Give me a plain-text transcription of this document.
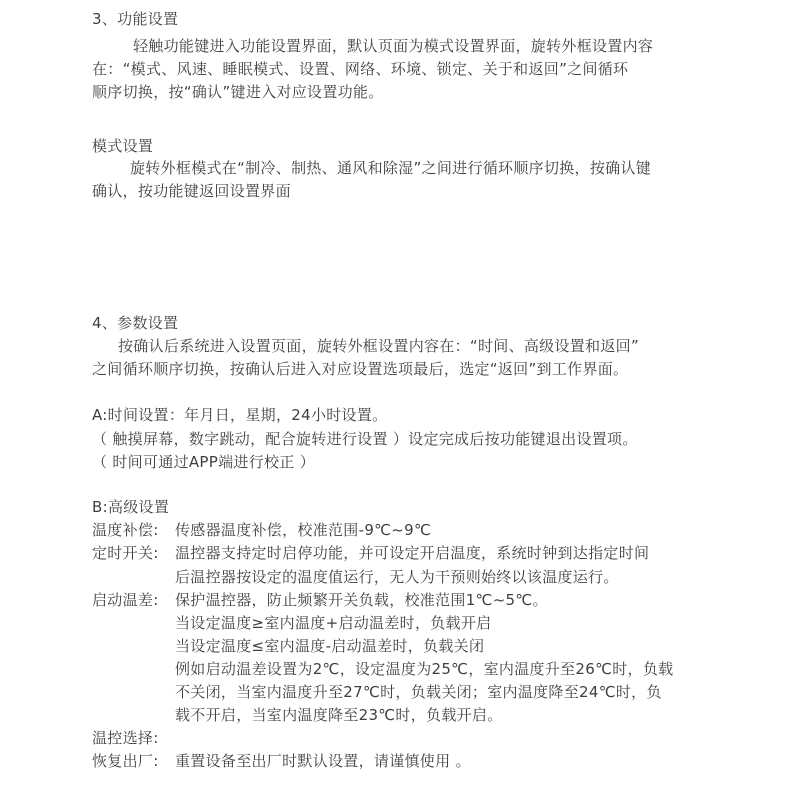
3、功能设置
轻触功能键进入功能设置界面，默认页面为模式设置界面，旋转外框设置内容
在：“模式、风速、睡眠模式、设置、网络、环境、锁定、关于和返回”之间循环
顺序切换，按“确认”键进入对应设置功能。
模式设置
旋转外框模式在“制冷、制热、通风和除湿”之间进行循环顺序切换，按确认键
确认，按功能键返回设置界面
4、参数设置
按确认后系统进入设置页面，旋转外框设置内容在：“时间、高级设置和返回”
之间循环顺序切换，按确认后进入对应设置选项最后，选定“返回”到工作界面。
A:时间设置：年月日，星期，24小时设置。
（ 触摸屏幕，数字跳动，配合旋转进行设置 ）设定完成后按功能键退出设置项。
（ 时间可通过APP端进行校正 ）
B:高级设置
温度补偿: 传感器温度补偿，校准范围-9℃~9℃
定时开关: 温控器支持定时启停功能，并可设定开启温度，系统时钟到达指定时间
后温控器按设定的温度值运行，无人为干预则始终以该温度运行。
启动温差: 保护温控器，防止频繁开关负载，校准范围1℃~5℃。
当设定温度≥室内温度+启动温差时，负载开启
当设定温度≤室内温度-启动温差时，负载关闭
例如启动温差设置为2℃，设定温度为25℃，室内温度升至26℃时，负载
不关闭，当室内温度升至27℃时，负载关闭；室内温度降至24℃时，负
载不开启，当室内温度降至23℃时，负载开启。
温控选择:
恢复出厂: 重置设备至出厂时默认设置，请谨慎使用 。
